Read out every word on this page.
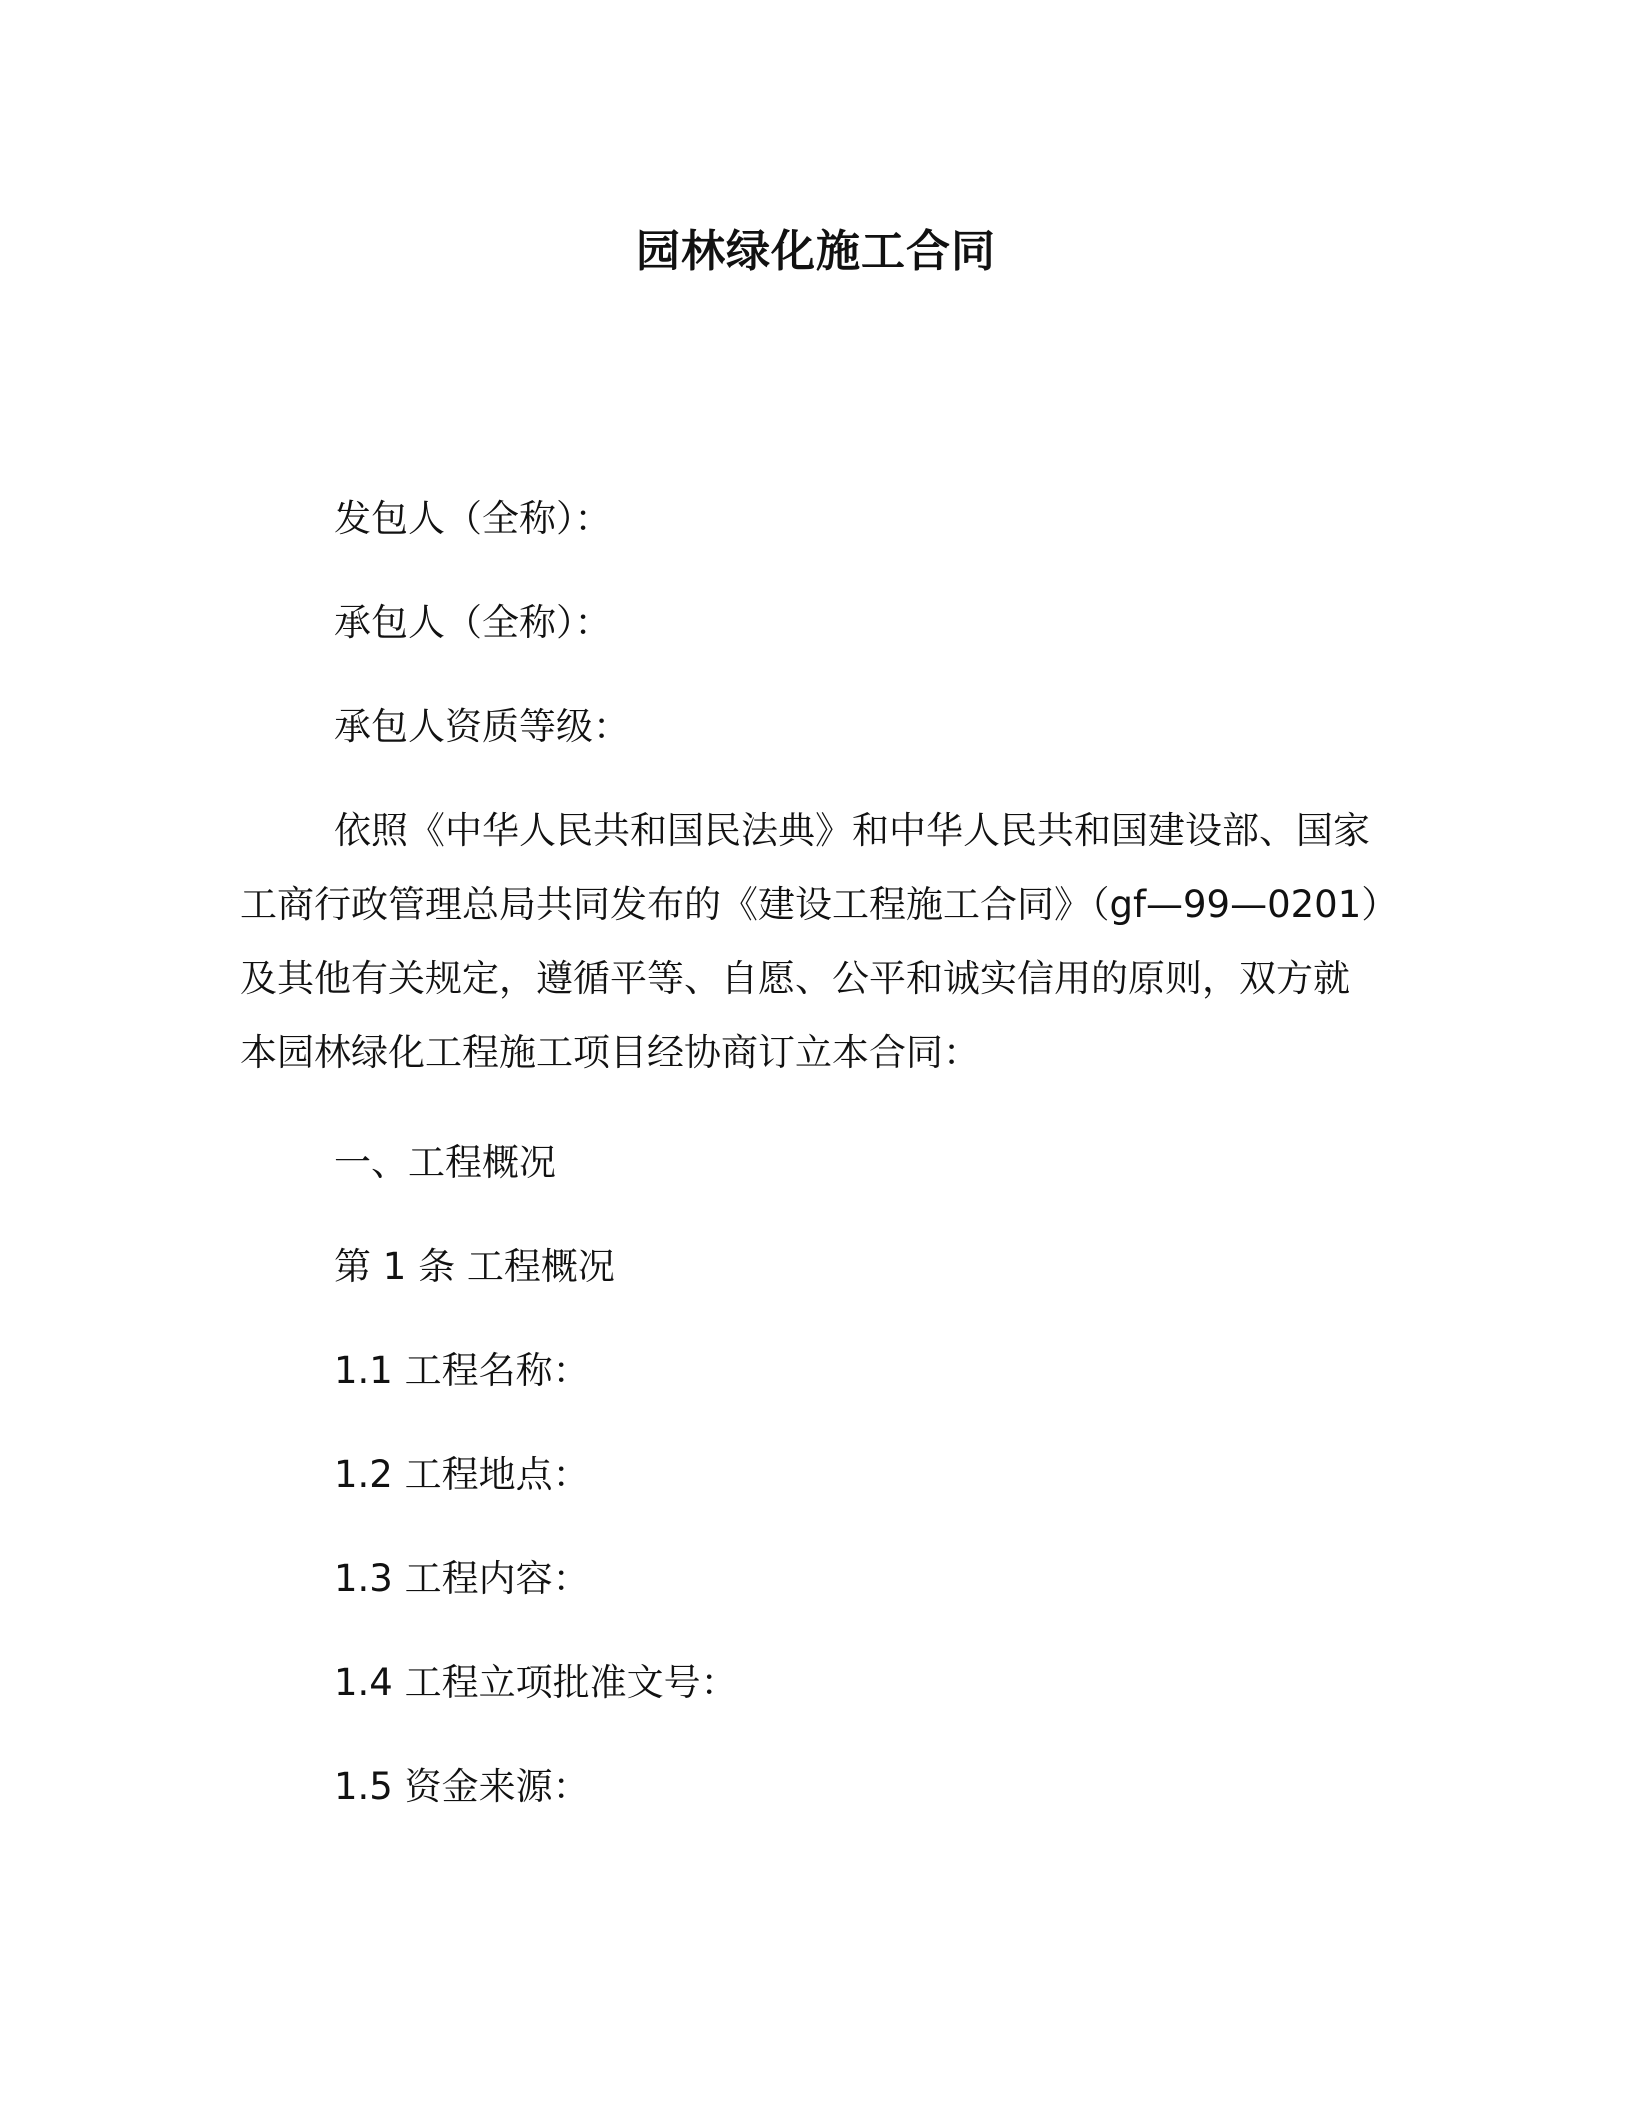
园林绿化施工合同
发包人（全称）：
承包人（全称）：
承包人资质等级：
依照《中华人民共和国民法典》和中华人民共和国建设部、国家
工商行政管理总局共同发布的《建设工程施工合同》（gf—99—0201）
及其他有关规定，遵循平等、自愿、公平和诚实信用的原则，双方就
本园林绿化工程施工项目经协商订立本合同：
一、工程概况
第 1 条 工程概况
1.1 工程名称：
1.2 工程地点：
1.3 工程内容：
1.4 工程立项批准文号：
1.5 资金来源：
